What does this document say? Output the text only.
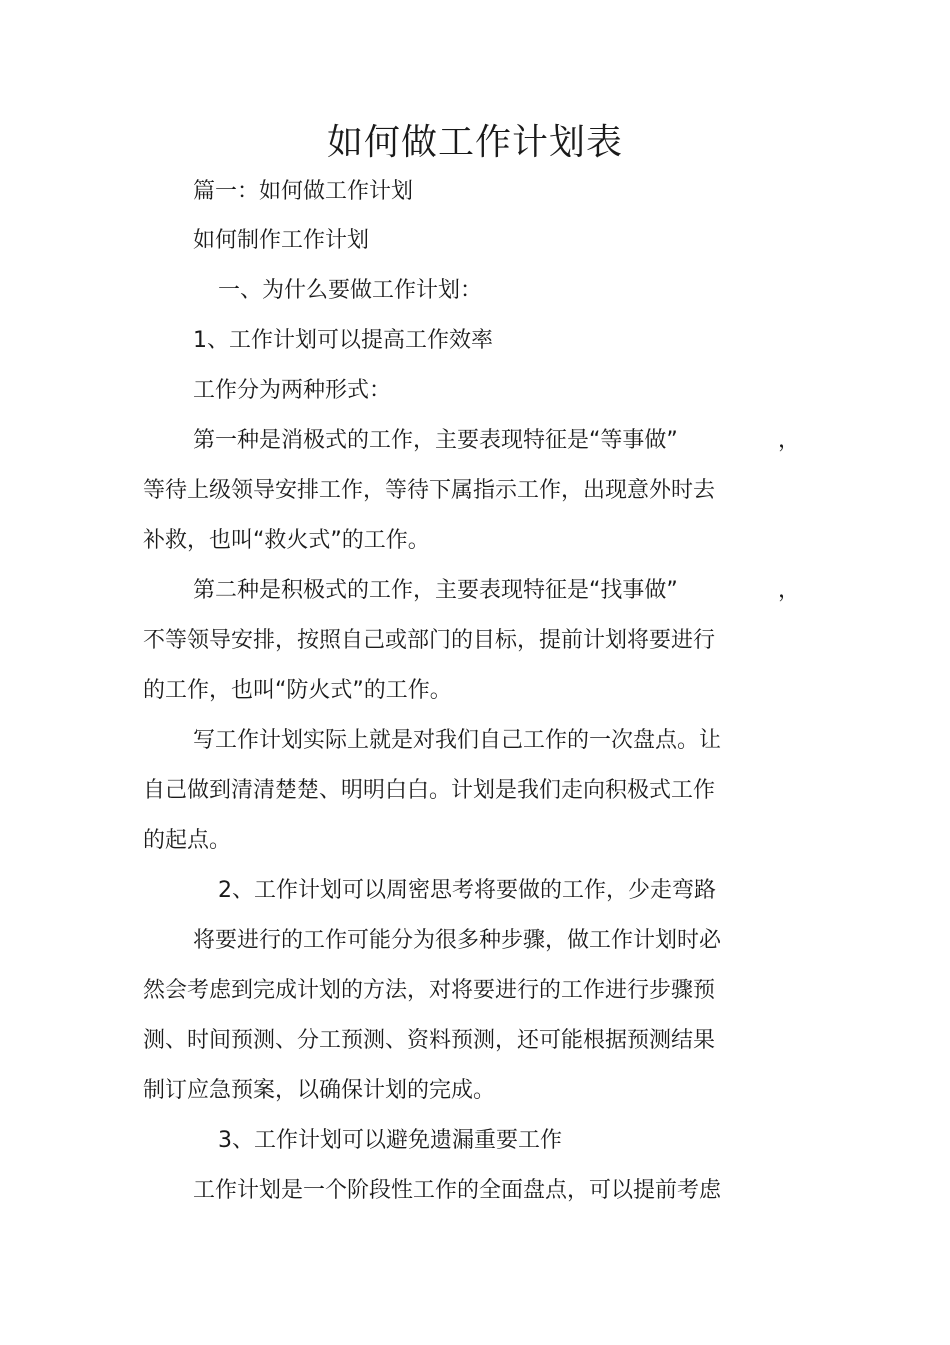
如何做工作计划表
篇一：如何做工作计划
如何制作工作计划
一、为什么要做工作计划：
1、工作计划可以提高工作效率
工作分为两种形式：
第一种是消极式的工作，主要表现特征是“等事做”	，
等待上级领导安排工作，等待下属指示工作，出现意外时去
补救，也叫“救火式”的工作。
第二种是积极式的工作，主要表现特征是“找事做”	，
不等领导安排，按照自己或部门的目标，提前计划将要进行
的工作，也叫“防火式”的工作。
写工作计划实际上就是对我们自己工作的一次盘点。让
自己做到清清楚楚、明明白白。计划是我们走向积极式工作
的起点。
2、工作计划可以周密思考将要做的工作，少走弯路
将要进行的工作可能分为很多种步骤，做工作计划时必
然会考虑到完成计划的方法，对将要进行的工作进行步骤预
测、时间预测、分工预测、资料预测，还可能根据预测结果
制订应急预案，以确保计划的完成。
3、工作计划可以避免遗漏重要工作
工作计划是一个阶段性工作的全面盘点，可以提前考虑
